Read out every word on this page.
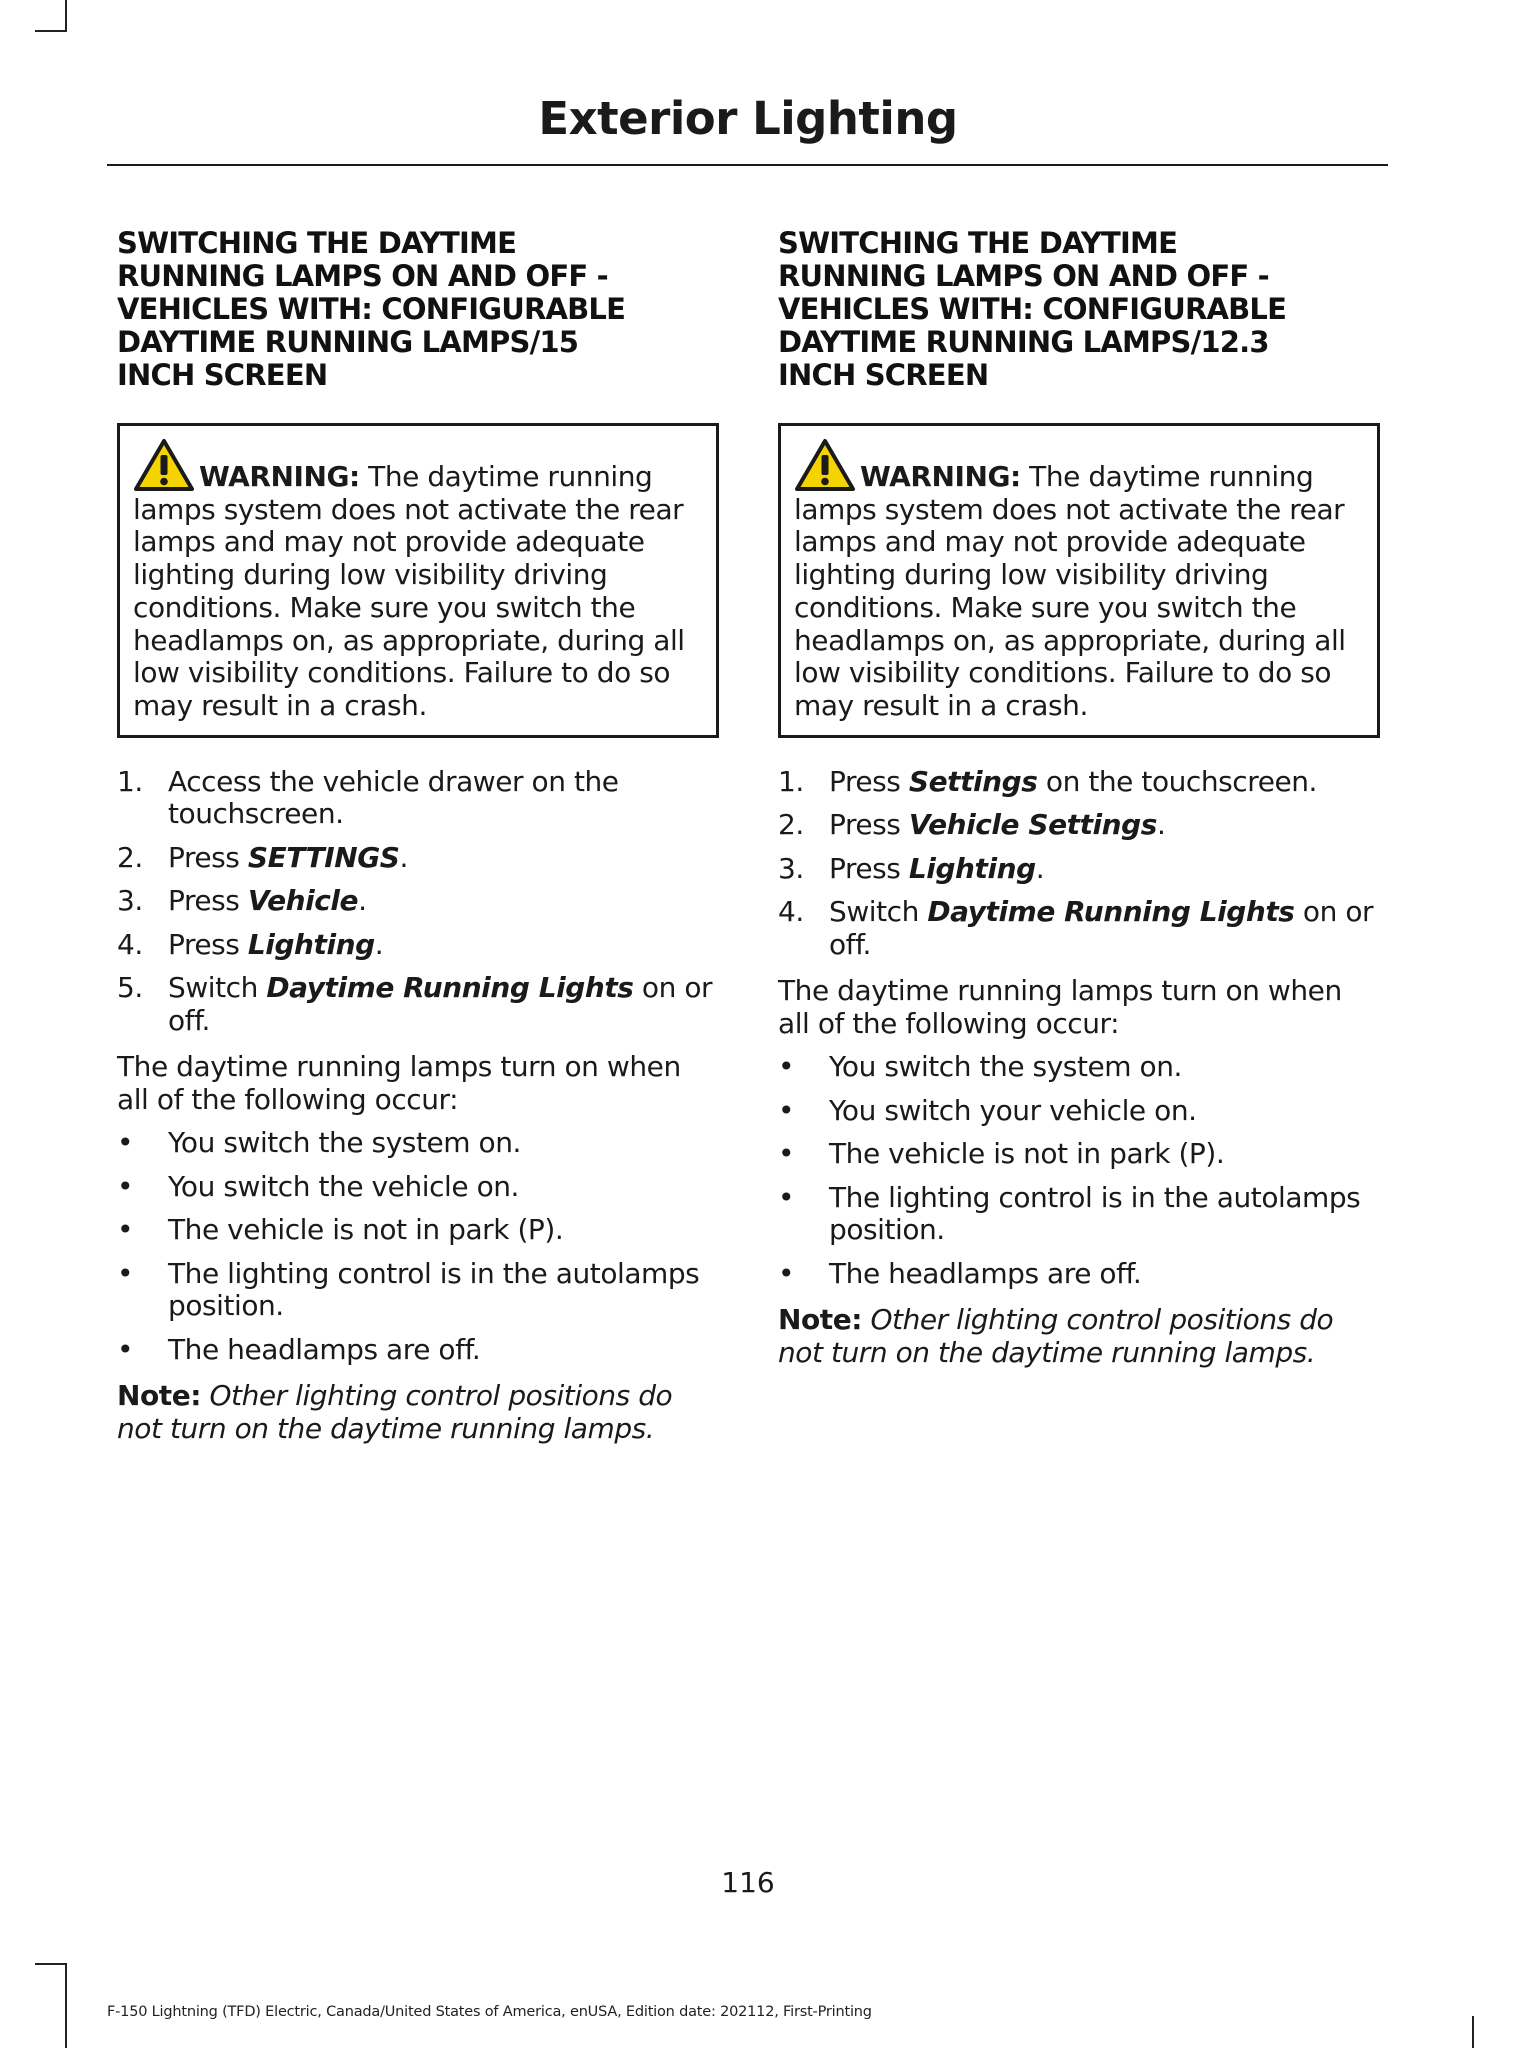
Exterior Lighting
SWITCHING THE DAYTIME
RUNNING LAMPS ON AND OFF -
VEHICLES WITH: CONFIGURABLE
DAYTIME RUNNING LAMPS/15
INCH SCREEN
WARNING: The daytime running lamps system does not activate the rear lamps and may not provide adequate lighting during low visibility driving conditions. Make sure you switch the headlamps on, as appropriate, during all low visibility conditions. Failure to do so may result in a crash.
1. Access the vehicle drawer on the touchscreen.
2. Press SETTINGS.
3. Press Vehicle.
4. Press Lighting.
5. Switch Daytime Running Lights on or off.

The daytime running lamps turn on when all of the following occur:

• You switch the system on.
• You switch the vehicle on.
• The vehicle is not in park (P).
• The lighting control is in the autolamps position.
• The headlamps are off.

Note: Other lighting control positions do not turn on the daytime running lamps.

SWITCHING THE DAYTIME
RUNNING LAMPS ON AND OFF -
VEHICLES WITH: CONFIGURABLE
DAYTIME RUNNING LAMPS/12.3
INCH SCREEN
WARNING: The daytime running lamps system does not activate the rear lamps and may not provide adequate lighting during low visibility driving conditions. Make sure you switch the headlamps on, as appropriate, during all low visibility conditions. Failure to do so may result in a crash.
1. Press Settings on the touchscreen.
2. Press Vehicle Settings.
3. Press Lighting.
4. Switch Daytime Running Lights on or off.

The daytime running lamps turn on when all of the following occur:

• You switch the system on.
• You switch your vehicle on.
• The vehicle is not in park (P).
• The lighting control is in the autolamps position.
• The headlamps are off.

Note: Other lighting control positions do not turn on the daytime running lamps.

116
F-150 Lightning (TFD) Electric, Canada/United States of America, enUSA, Edition date: 202112, First-Printing
